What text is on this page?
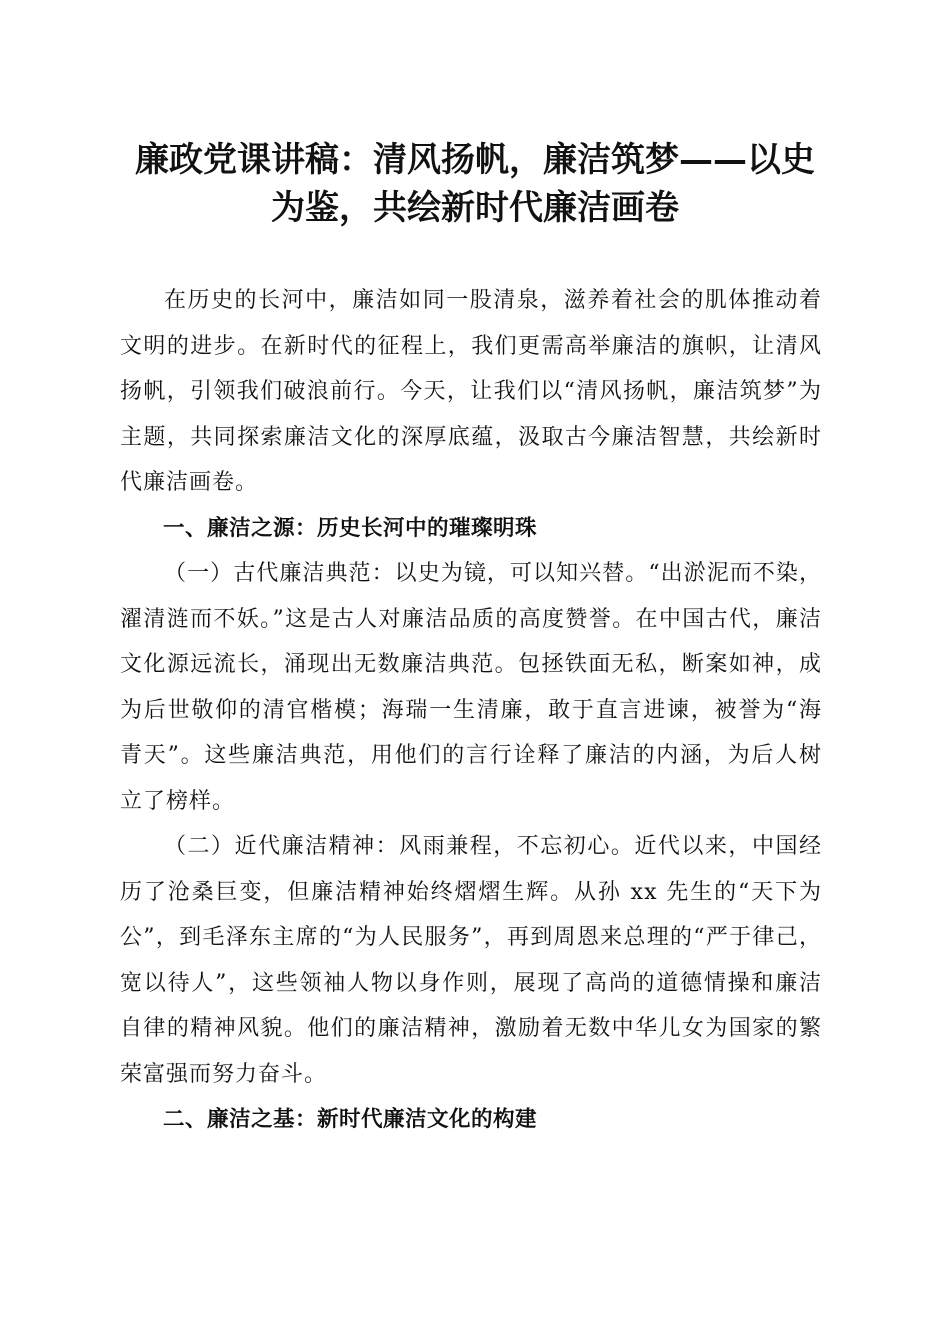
廉政党课讲稿：清风扬帆，廉洁筑梦——以史
为鉴，共绘新时代廉洁画卷

在历史的长河中，廉洁如同一股清泉，滋养着社会的肌体推动着文明的进步。在新时代的征程上，我们更需高举廉洁的旗帜，让清风扬帆，引领我们破浪前行。今天，让我们以“清风扬帆，廉洁筑梦”为主题，共同探索廉洁文化的深厚底蕴，汲取古今廉洁智慧，共绘新时代廉洁画卷。

一、廉洁之源：历史长河中的璀璨明珠

（一）古代廉洁典范：以史为镜，可以知兴替。“出淤泥而不染，濯清涟而不妖。”这是古人对廉洁品质的高度赞誉。在中国古代，廉洁文化源远流长，涌现出无数廉洁典范。包拯铁面无私，断案如神，成为后世敬仰的清官楷模；海瑞一生清廉，敢于直言进谏，被誉为“海青天”。这些廉洁典范，用他们的言行诠释了廉洁的内涵，为后人树立了榜样。

（二）近代廉洁精神：风雨兼程，不忘初心。近代以来，中国经历了沧桑巨变，但廉洁精神始终熠熠生辉。从孙 xx 先生的“天下为公”，到毛泽东主席的“为人民服务”，再到周恩来总理的“严于律己，宽以待人”，这些领袖人物以身作则，展现了高尚的道德情操和廉洁自律的精神风貌。他们的廉洁精神，激励着无数中华儿女为国家的繁荣富强而努力奋斗。

二、廉洁之基：新时代廉洁文化的构建
